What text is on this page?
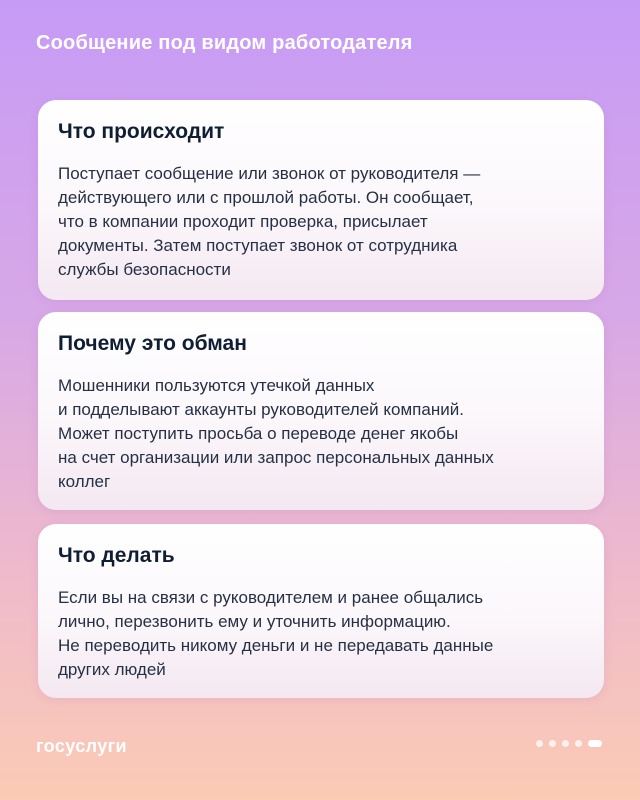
Сообщение под видом работодателя
Что происходит

Поступает сообщение или звонок от руководителя —
действующего или с прошлой работы. Он сообщает,
что в компании проходит проверка, присылает
документы. Затем поступает звонок от сотрудника
службы безопасности

Почему это обман

Мошенники пользуются утечкой данных
и подделывают аккаунты руководителей компаний.
Может поступить просьба о переводе денег якобы
на счет организации или запрос персональных данных
коллег

Что делать

Если вы на связи с руководителем и ранее общались
лично, перезвонить ему и уточнить информацию.
Не переводить никому деньги и не передавать данные
других людей

госуслуги
